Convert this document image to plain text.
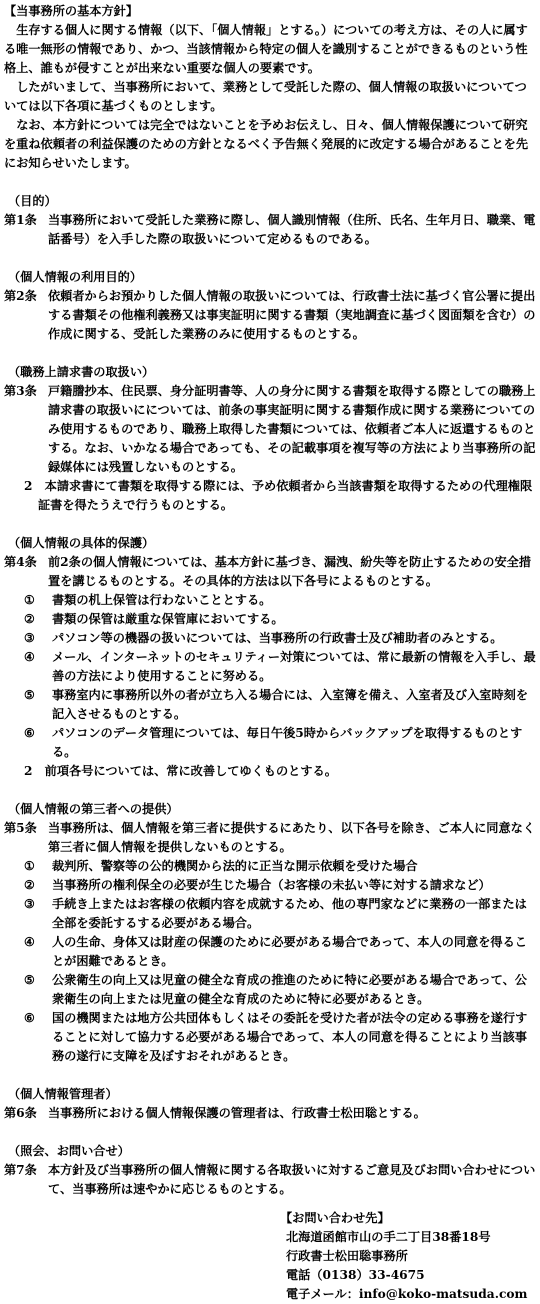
【当事務所の基本方針】

生存する個人に関する情報（以下、「個人情報」とする。）についての考え方は、その人に属する唯一無形の情報であり、かつ、当該情報から特定の個人を識別することができるものという性格上、誰もが侵すことが出来ない重要な個人の要素です。

したがいまして、当事務所において、業務として受託した際の、個人情報の取扱いについてついては以下各項に基づくものとします。

なお、本方針については完全ではないことを予めお伝えし、日々、個人情報保護について研究を重ね依頼者の利益保護のための方針となるべく予告無く発展的に改定する場合があることを先にお知らせいたします。

（目的）

第1条 当事務所において受託した業務に際し、個人識別情報（住所、氏名、生年月日、職業、電話番号）を入手した際の取扱いについて定めるものである。

（個人情報の利用目的）

第2条 依頼者からお預かりした個人情報の取扱いについては、行政書士法に基づく官公署に提出する書類その他権利義務又は事実証明に関する書類（実地調査に基づく図面類を含む）の作成に関する、受託した業務のみに使用するものとする。

（職務上請求書の取扱い）

第3条 戸籍謄抄本、住民票、身分証明書等、人の身分に関する書類を取得する際としての職務上請求書の取扱いにについては、前条の事実証明に関する書類作成に関する業務についてのみ使用するものであり、職務上取得した書類については、依頼者ご本人に返還するものとする。なお、いかなる場合であっても、その記載事項を複写等の方法により当事務所の記録媒体には残置しないものとする。

2　本請求書にて書類を取得する際には、予め依頼者から当該書類を取得するための代理権限証書を得たうえで行うものとする。

（個人情報の具体的保護）

第4条 前2条の個人情報については、基本方針に基づき、漏洩、紛失等を防止するための安全措置を講じるものとする。その具体的方法は以下各号によるものとする。
①	書類の机上保管は行わないこととする。
②	書類の保管は厳重な保管庫においてする。
③	パソコン等の機器の扱いについては、当事務所の行政書士及び補助者のみとする。
④	メール、インターネットのセキュリティー対策については、常に最新の情報を入手し、最善の方法により使用することに努める。
⑤	事務室内に事務所以外の者が立ち入る場合には、入室簿を備え、入室者及び入室時刻を記入させるものとする。
⑥	パソコンのデータ管理については、毎日午後5時からバックアップを取得するものとする。

2　前項各号については、常に改善してゆくものとする。

（個人情報の第三者への提供）

第5条 当事務所は、個人情報を第三者に提供するにあたり、以下各号を除き、ご本人に同意なく第三者に個人情報を提供しないものとする。
①	裁判所、警察等の公的機関から法的に正当な開示依頼を受けた場合
②	当事務所の権利保全の必要が生じた場合（お客様の未払い等に対する請求など）
③	手続き上またはお客様の依頼内容を成就するため、他の専門家などに業務の一部または全部を委託するする必要がある場合。
④	人の生命、身体又は財産の保護のために必要がある場合であって、本人の同意を得ることが困難であるとき。
⑤	公衆衛生の向上又は児童の健全な育成の推進のために特に必要がある場合であって、公衆衛生の向上または児童の健全な育成のために特に必要があるとき。
⑥	国の機関または地方公共団体もしくはその委託を受けた者が法令の定める事務を遂行することに対して協力する必要がある場合であって、本人の同意を得ることにより当該事務の遂行に支障を及ぼすおそれがあるとき。

（個人情報管理者）

第6条 当事務所における個人情報保護の管理者は、行政書士松田聡とする。

（照会、お問い合せ）

第7条 本方針及び当事務所の個人情報に関する各取扱いに対するご意見及びお問い合わせについて、当事務所は速やかに応じるものとする。

【お問い合わせ先】

北海道函館市山の手二丁目38番18号

行政書士松田聡事務所

電話（0138）33-4675

電子メール：info@koko-matsuda.com
